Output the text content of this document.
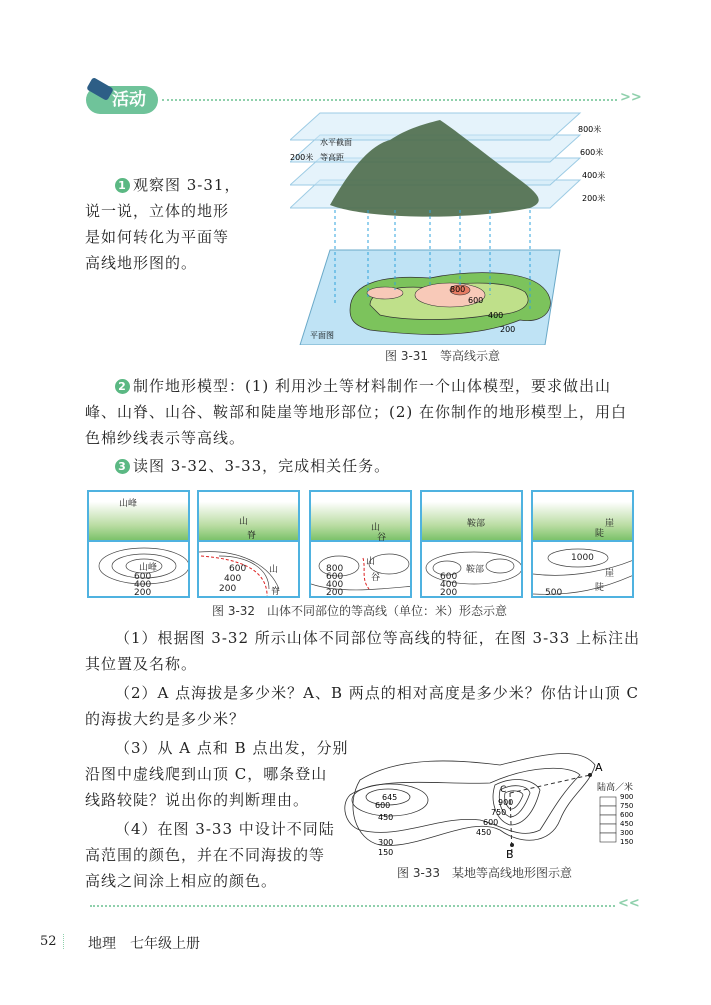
活动	>>
1 观察图 3-31，
说一说，立体的地形
是如何转化为平面等
高线地形图的。
800
600
400
200
平面图
水平截面
等高距
200米
800米
600米
400米
200米
图 3-31　等高线示意
2 制作地形模型：(1) 利用沙土等材料制作一个山体模型，要求做出山
峰、山脊、山谷、鞍部和陡崖等地形部位；(2) 在你制作的地形模型上，用白
色棉纱线表示等高线。
3 读图 3-32、3-33，完成相关任务。
山峰
山峰
600
400
200
山
脊
600
400
200
山
脊
山
谷
800
600
400
200
山
谷
鞍部
鞍部
600
400
200
陡
崖
1000
500	陡
崖
图 3-32　山体不同部位的等高线（单位：米）形态示意
（1）根据图 3-32 所示山体不同部位等高线的特征，在图 3-33 上标注出
其位置及名称。
（2）A 点海拔是多少米？A、B 两点的相对高度是多少米？你估计山顶 C
的海拔大约是多少米？
（3）从 A 点和 B 点出发，分别
沿图中虚线爬到山顶 C，哪条登山
线路较陡？说出你的判断理由。
（4）在图 3-33 中设计不同陆
高范围的颜色，并在不同海拔的等
高线之间涂上相应的颜色。
A
B
C
645
600
450
300
150
900
750
600
450
陆高／米
900
750
600
450
300
150
图 3-33　某地等高线地形图示意
<<
52	地理　七年级上册
